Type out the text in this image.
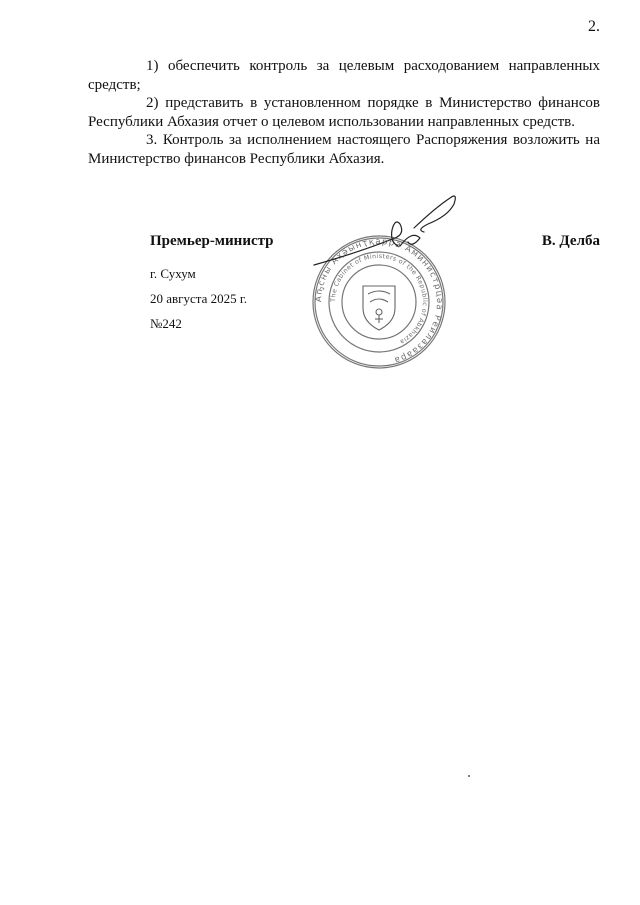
2.

1) обеспечить контроль за целевым расходованием направленных средств;

2) представить в установленном порядке в Министерство финансов Республики Абхазия отчет о целевом использовании направленных средств.

3. Контроль за исполнением настоящего Распоряжения возложить на Министерство финансов Республики Абхазия.

Премьер-министр	В. Делба
г. Сухум
20 августа 2025 г.
№242
Аҧсны Аҳәынҭқарра Аминистрцәа Реилазаара
The Cabinet of Ministers of the Republic of Abkhazia
